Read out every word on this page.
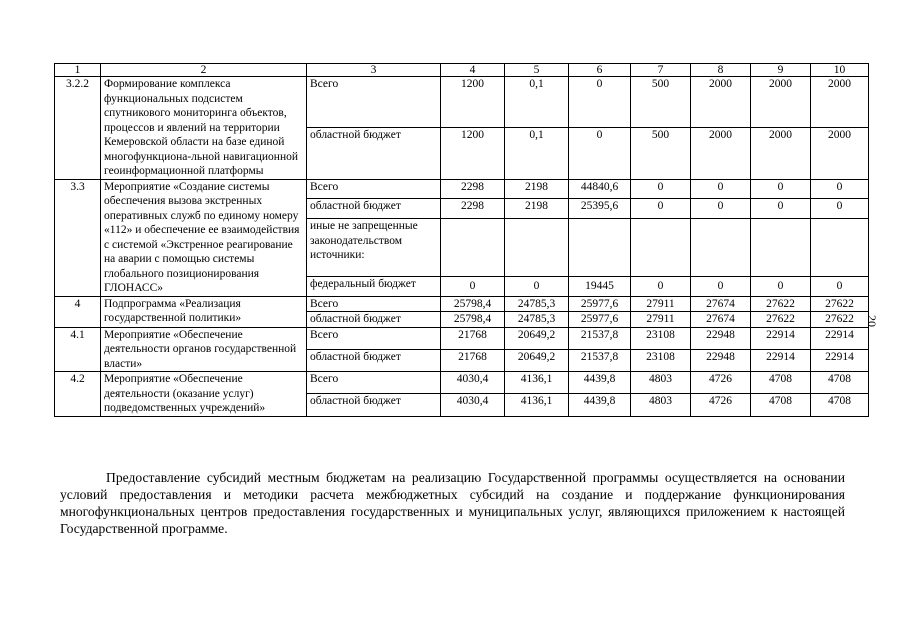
1	2	3	4	5	6	7	8	9	10
3.2.2	Формирование комплекса функциональных подсистем спутникового мониторинга объектов, процессов и явлений на территории Кемеровской области на базе единой многофункциона-льной навигационной геоинформационной платформы	Всего	1200	0,1	0	500	2000	2000	2000
		областной бюджет	1200	0,1	0	500	2000	2000	2000
3.3	Мероприятие «Создание системы обеспечения вызова экстренных оперативных служб по единому номеру «112» и обеспечение ее взаимодействия с системой «Экстренное реагирование на аварии с помощью системы глобального позиционирования ГЛОНАСС»	Всего	2298	2198	44840,6	0	0	0	0
		областной бюджет	2298	2198	25395,6	0	0	0	0
		иные не запрещенные законодательством источники:							
		федеральный бюджет	0	0	19445	0	0	0	0
4	Подпрограмма «Реализация государственной политики»	Всего	25798,4	24785,3	25977,6	27911	27674	27622	27622
		областной бюджет	25798,4	24785,3	25977,6	27911	27674	27622	27622
4.1	Мероприятие «Обеспечение деятельности органов государственной власти»	Всего	21768	20649,2	21537,8	23108	22948	22914	22914
		областной бюджет	21768	20649,2	21537,8	23108	22948	22914	22914
4.2	Мероприятие «Обеспечение деятельности (оказание услуг) подведомственных учреждений»	Всего	4030,4	4136,1	4439,8	4803	4726	4708	4708
		областной бюджет	4030,4	4136,1	4439,8	4803	4726	4708	4708
20

Предоставление субсидий местным бюджетам на реализацию Государственной программы осуществляется на основании условий предоставления и методики расчета межбюджетных субсидий на создание и поддержание функционирования многофункциональных центров предоставления государственных и муниципальных услуг, являющихся приложением к настоящей Государственной программе.
